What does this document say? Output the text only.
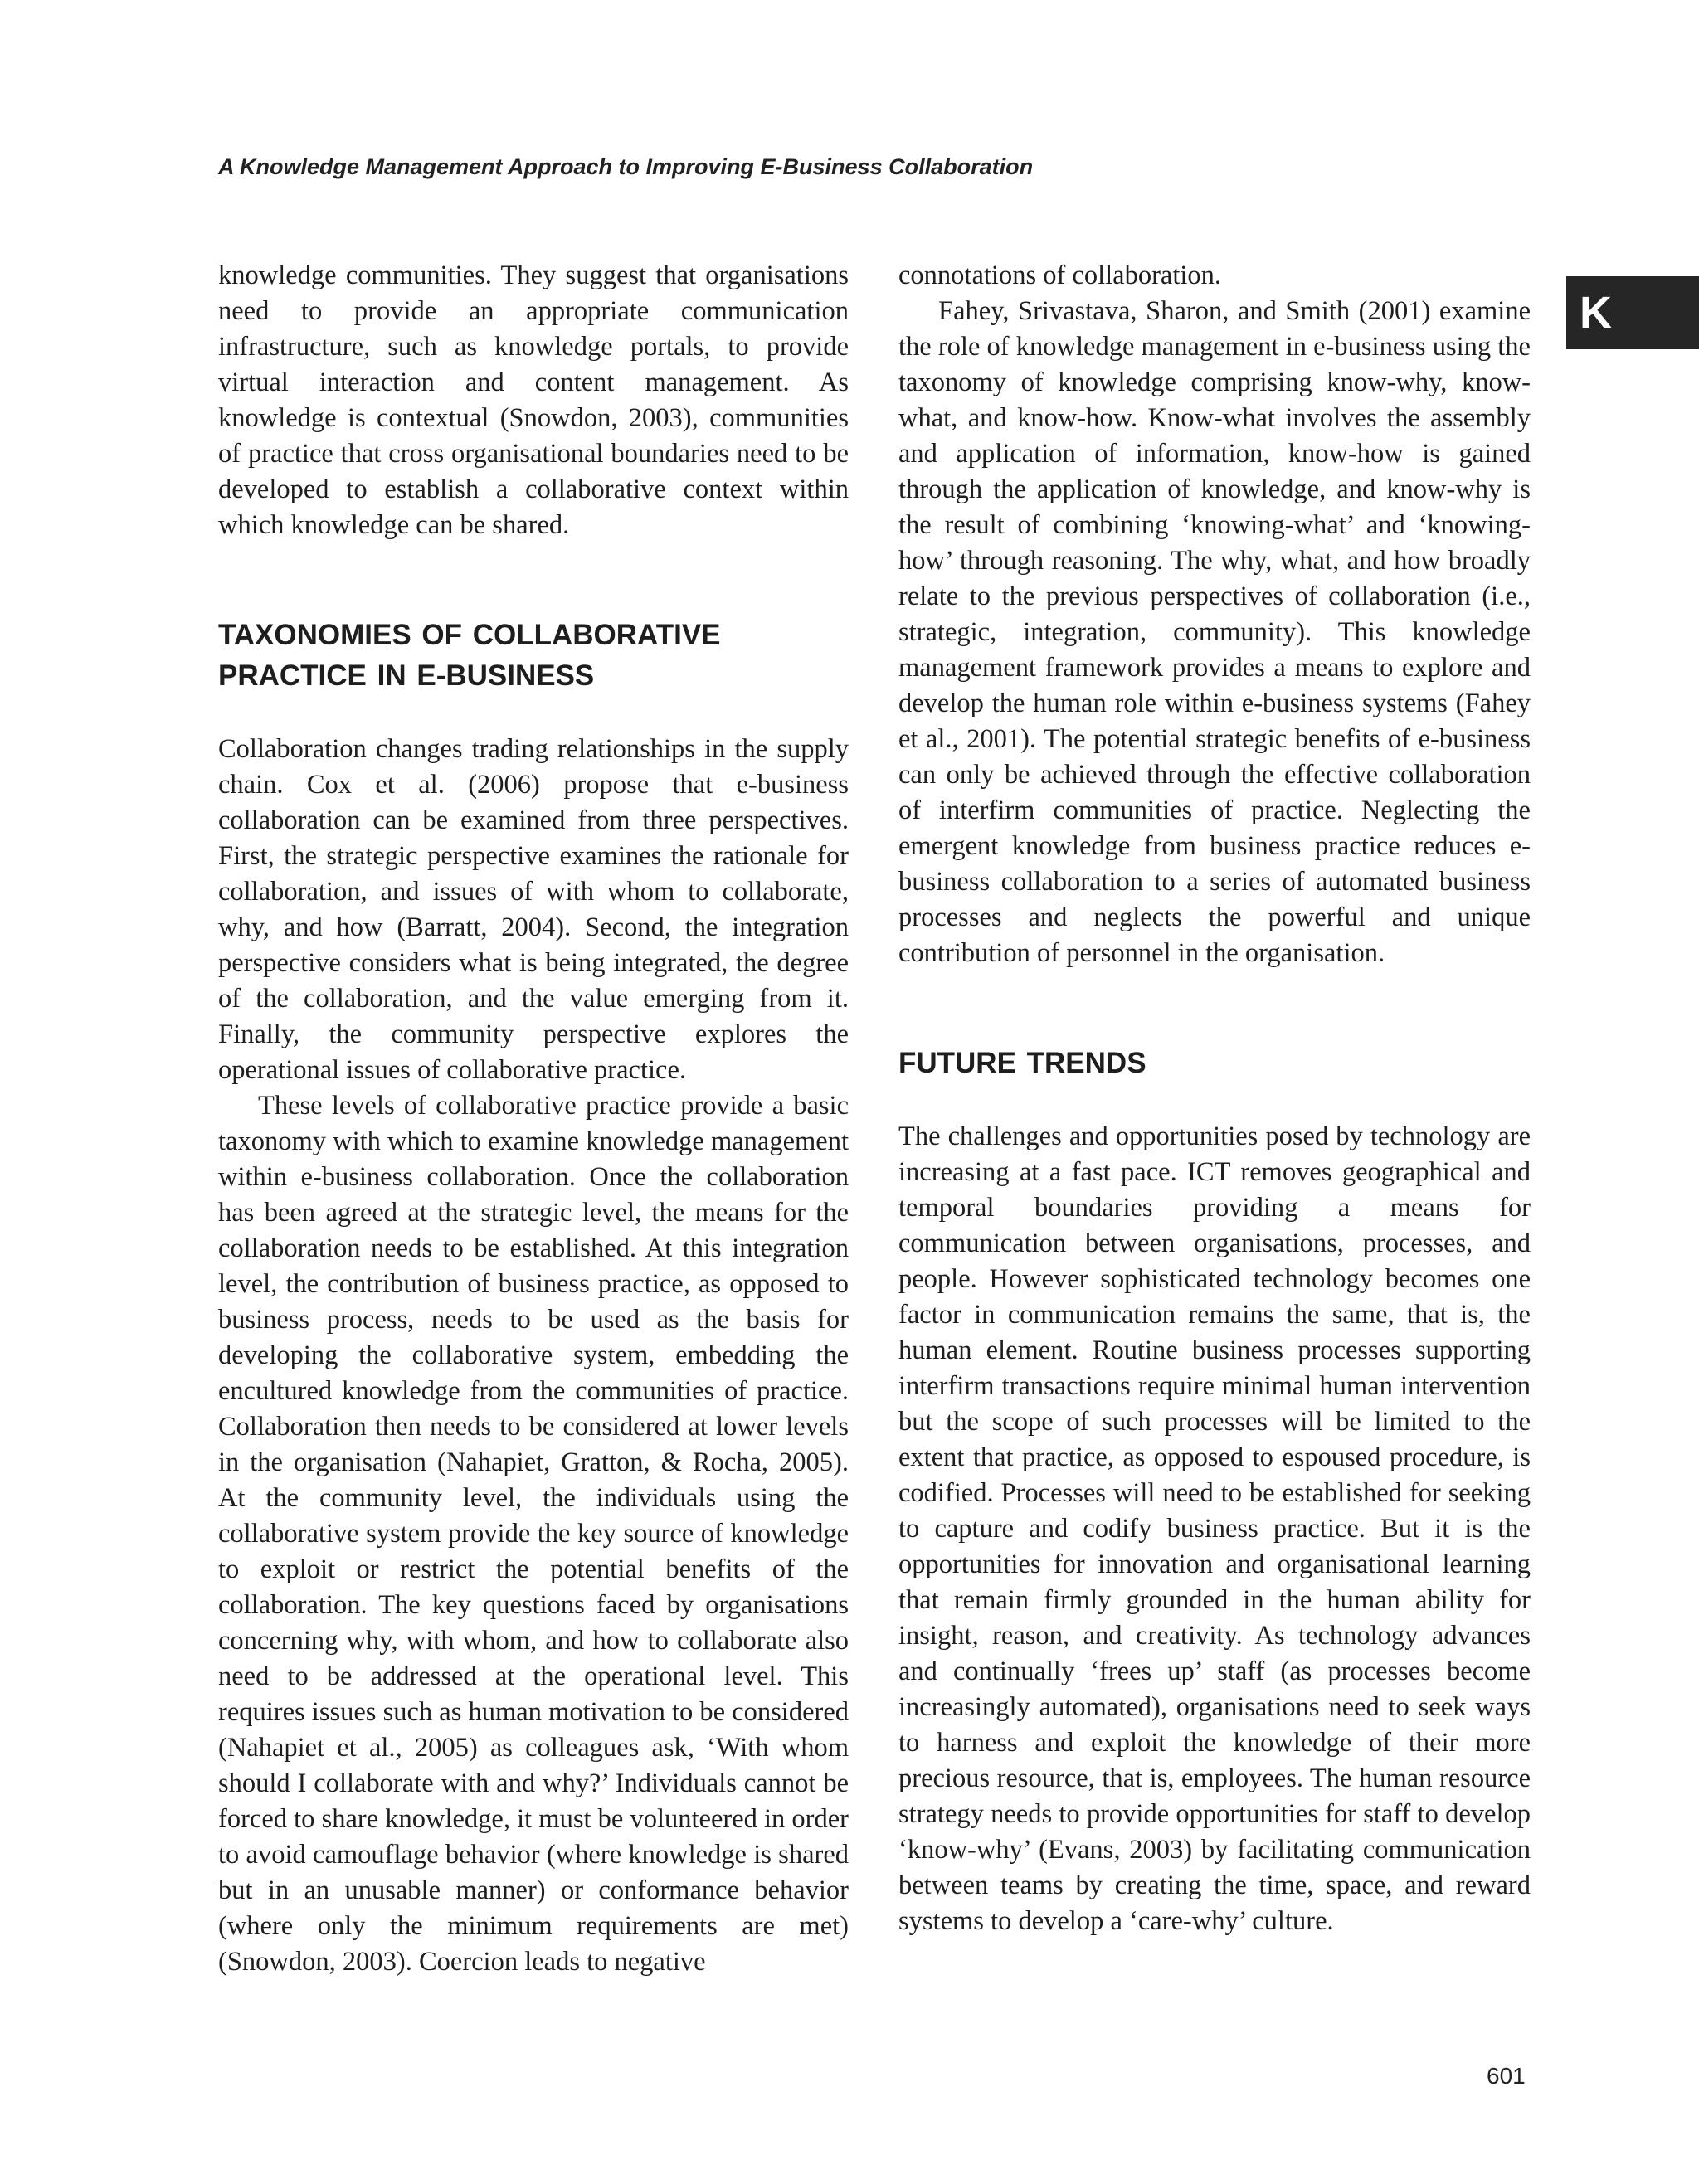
A Knowledge Management Approach to Improving E-Business Collaboration
K

knowledge communities. They suggest that organisations need to provide an appropriate communication infrastructure, such as knowledge portals, to provide virtual interaction and content management. As knowledge is contextual (Snowdon, 2003), communities of practice that cross organisational boundaries need to be developed to establish a collaborative context within which knowledge can be shared.

TAXONOMIES OF COLLABORATIVE
PRACTICE IN E-BUSINESS

Collaboration changes trading relationships in the supply chain. Cox et al. (2006) propose that e-business collaboration can be examined from three perspectives. First, the strategic perspective examines the rationale for collaboration, and issues of with whom to collaborate, why, and how (Barratt, 2004). Second, the integration perspective considers what is being integrated, the degree of the collaboration, and the value emerging from it. Finally, the community perspective explores the operational issues of collaborative practice.

These levels of collaborative practice provide a basic taxonomy with which to examine knowledge management within e-business collaboration. Once the collaboration has been agreed at the strategic level, the means for the collaboration needs to be established. At this integration level, the contribution of business practice, as opposed to business process, needs to be used as the basis for developing the collaborative system, embedding the encultured knowledge from the communities of practice. Collaboration then needs to be considered at lower levels in the organisation (Nahapiet, Gratton, & Rocha, 2005). At the community level, the individuals using the collaborative system provide the key source of knowledge to exploit or restrict the potential benefits of the collaboration. The key questions faced by organisations concerning why, with whom, and how to collaborate also need to be addressed at the operational level. This requires issues such as human motivation to be considered (Nahapiet et al., 2005) as colleagues ask, ‘With whom should I collaborate with and why?’ Individuals cannot be forced to share knowledge, it must be volunteered in order to avoid camouflage behavior (where knowledge is shared but in an unusable manner) or conformance behavior (where only the minimum requirements are met) (Snowdon, 2003). Coercion leads to negative

connotations of collaboration.

Fahey, Srivastava, Sharon, and Smith (2001) examine the role of knowledge management in e-business using the taxonomy of knowledge comprising know-why, know-what, and know-how. Know-what involves the assembly and application of information, know-how is gained through the application of knowledge, and know-why is the result of combining ‘knowing-what’ and ‘knowing-how’ through reasoning. The why, what, and how broadly relate to the previous perspectives of collaboration (i.e., strategic, integration, community). This knowledge management framework provides a means to explore and develop the human role within e-business systems (Fahey et al., 2001). The potential strategic benefits of e-business can only be achieved through the effective collaboration of interfirm communities of practice. Neglecting the emergent knowledge from business practice reduces e-business collaboration to a series of automated business processes and neglects the powerful and unique contribution of personnel in the organisation.

FUTURE TRENDS

The challenges and opportunities posed by technology are increasing at a fast pace. ICT removes geographical and temporal boundaries providing a means for communication between organisations, processes, and people. However sophisticated technology becomes one factor in communication remains the same, that is, the human element. Routine business processes supporting interfirm transactions require minimal human intervention but the scope of such processes will be limited to the extent that practice, as opposed to espoused procedure, is codified. Processes will need to be established for seeking to capture and codify business practice. But it is the opportunities for innovation and organisational learning that remain firmly grounded in the human ability for insight, reason, and creativity. As technology advances and continually ‘frees up’ staff (as processes become increasingly automated), organisations need to seek ways to harness and exploit the knowledge of their more precious resource, that is, employees. The human resource strategy needs to provide opportunities for staff to develop ‘know-why’ (Evans, 2003) by facilitating communication between teams by creating the time, space, and reward systems to develop a ‘care-why’ culture.

601
